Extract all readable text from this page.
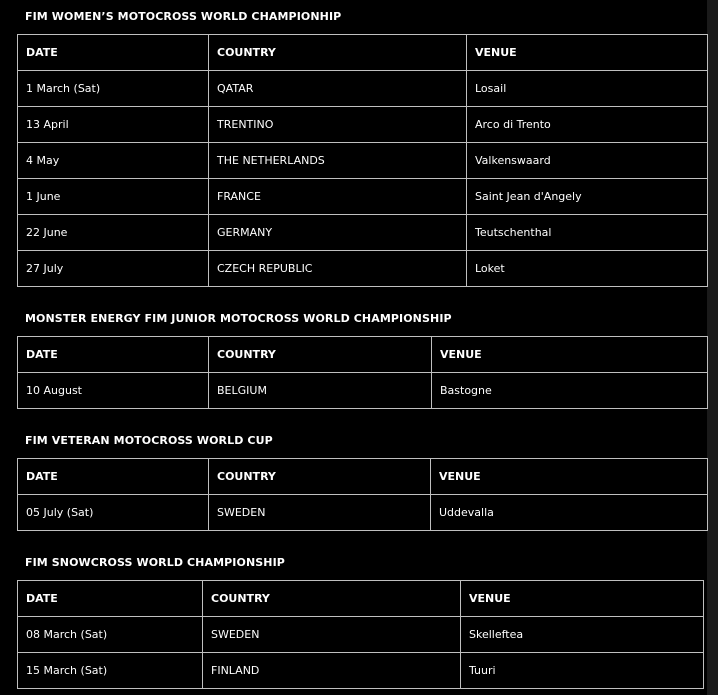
FIM WOMEN’S MOTOCROSS WORLD CHAMPIONHIP
DATE	COUNTRY	VENUE
1 March (Sat)	QATAR	Losail
13 April	TRENTINO	Arco di Trento
4 May	THE NETHERLANDS	Valkenswaard
1 June	FRANCE	Saint Jean d'Angely
22 June	GERMANY	Teutschenthal
27 July	CZECH REPUBLIC	Loket
MONSTER ENERGY FIM JUNIOR MOTOCROSS WORLD CHAMPIONSHIP
DATE	COUNTRY	VENUE
10 August	BELGIUM	Bastogne
FIM VETERAN MOTOCROSS WORLD CUP
DATE	COUNTRY	VENUE
05 July (Sat)	SWEDEN	Uddevalla
FIM SNOWCROSS WORLD CHAMPIONSHIP
DATE	COUNTRY	VENUE
08 March (Sat)	SWEDEN	Skelleftea
15 March (Sat)	FINLAND	Tuuri
